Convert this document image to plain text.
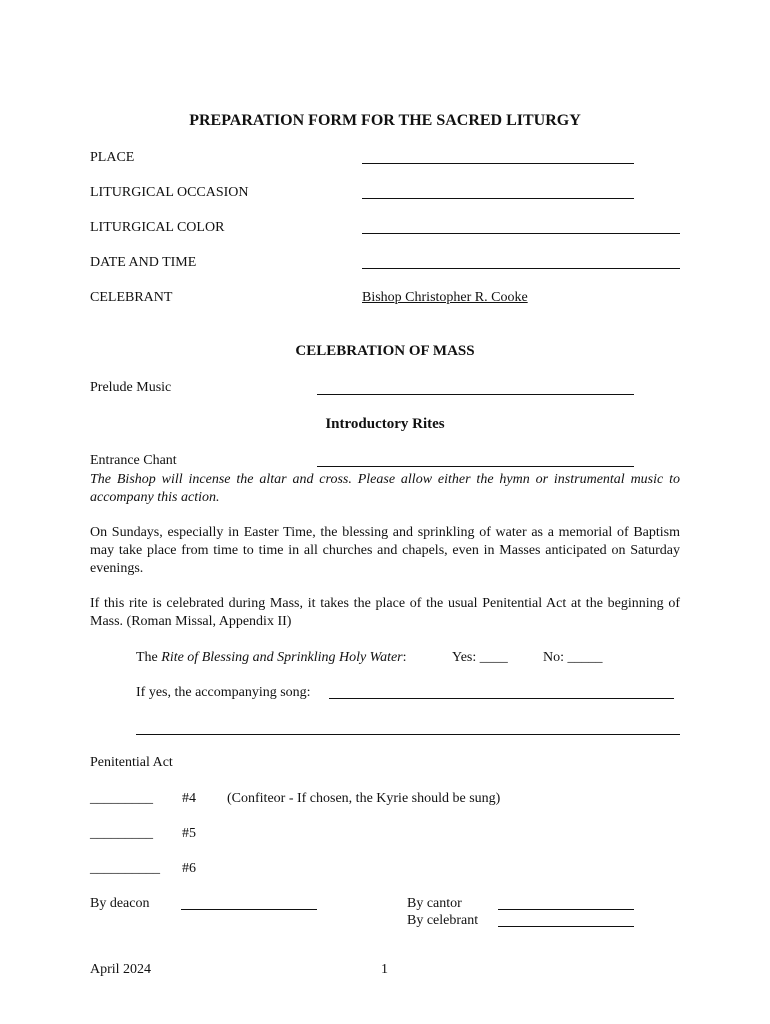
PREPARATION FORM FOR THE SACRED LITURGY
PLACE
LITURGICAL OCCASION
LITURGICAL COLOR
DATE AND TIME
CELEBRANT	Bishop Christopher R. Cooke
CELEBRATION OF MASS
Prelude Music
Introductory Rites
Entrance Chant
The Bishop will incense the altar and cross. Please allow either the hymn or instrumental music to accompany this action.
On Sundays, especially in Easter Time, the blessing and sprinkling of water as a memorial of Baptism may take place from time to time in all churches and chapels, even in Masses anticipated on Saturday evenings.
If this rite is celebrated during Mass, it takes the place of the usual Penitential Act at the beginning of Mass. (Roman Missal, Appendix II)
The Rite of Blessing and Sprinkling Holy Water:	Yes: ____	No: _____
If yes, the accompanying song:
Penitential Act
_________ #4 (Confiteor - If chosen, the Kyrie should be sung)
_________ #5
__________ #6
By deacon	By cantor
By celebrant
April 2024	1
